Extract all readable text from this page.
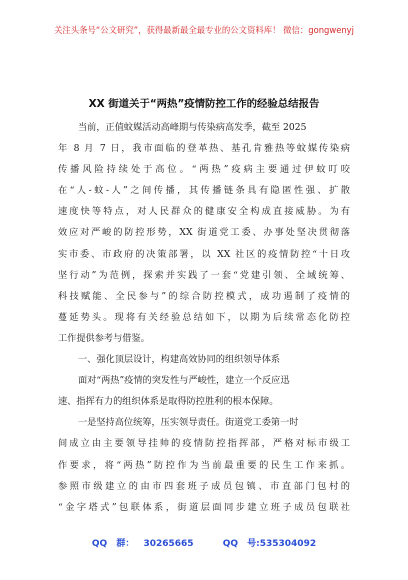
关注头条号“公文研究”，获得最新最全最专业的公文资料库！ 微信：gongwenyj
XX 街道关于“两热”疫情防控工作的经验总结报告
当前，正值蚊媒活动高峰期与传染病高发季，截至 2025
年 8 月 7 日，我市面临的登革热、基孔肯雅热等蚊媒传染病
传播风险持续处于高位。“两热”疫病主要通过伊蚊叮咬
在“人-蚊-人”之间传播，其传播链条具有隐匿性强、扩散
速度快等特点，对人民群众的健康安全构成直接威胁。为有
效应对严峻的防控形势，XX 街道党工委、办事处坚决贯彻落
实市委、市政府的决策部署，以 XX 社区的疫情防控“十日攻
坚行动”为范例，探索并实践了一套“党建引领、全域统筹、
科技赋能、全民参与”的综合防控模式，成功遏制了疫情的
蔓延势头。现将有关经验总结如下，以期为后续常态化防控
工作提供参考与借鉴。
一、强化顶层设计，构建高效协同的组织领导体系
面对“两热”疫情的突发性与严峻性，建立一个反应迅
速、指挥有力的组织体系是取得防控胜利的根本保障。
一是坚持高位统筹，压实领导责任。街道党工委第一时
间成立由主要领导挂帅的疫情防控指挥部，严格对标市级工
作要求，将“两热”防控作为当前最重要的民生工作来抓。
参照市级建立的由市四套班子成员包镇、市直部门包村的
“金字塔式”包联体系，街道层面同步建立班子成员包联社
QQ 群： 30265665	QQ 号:535304092
